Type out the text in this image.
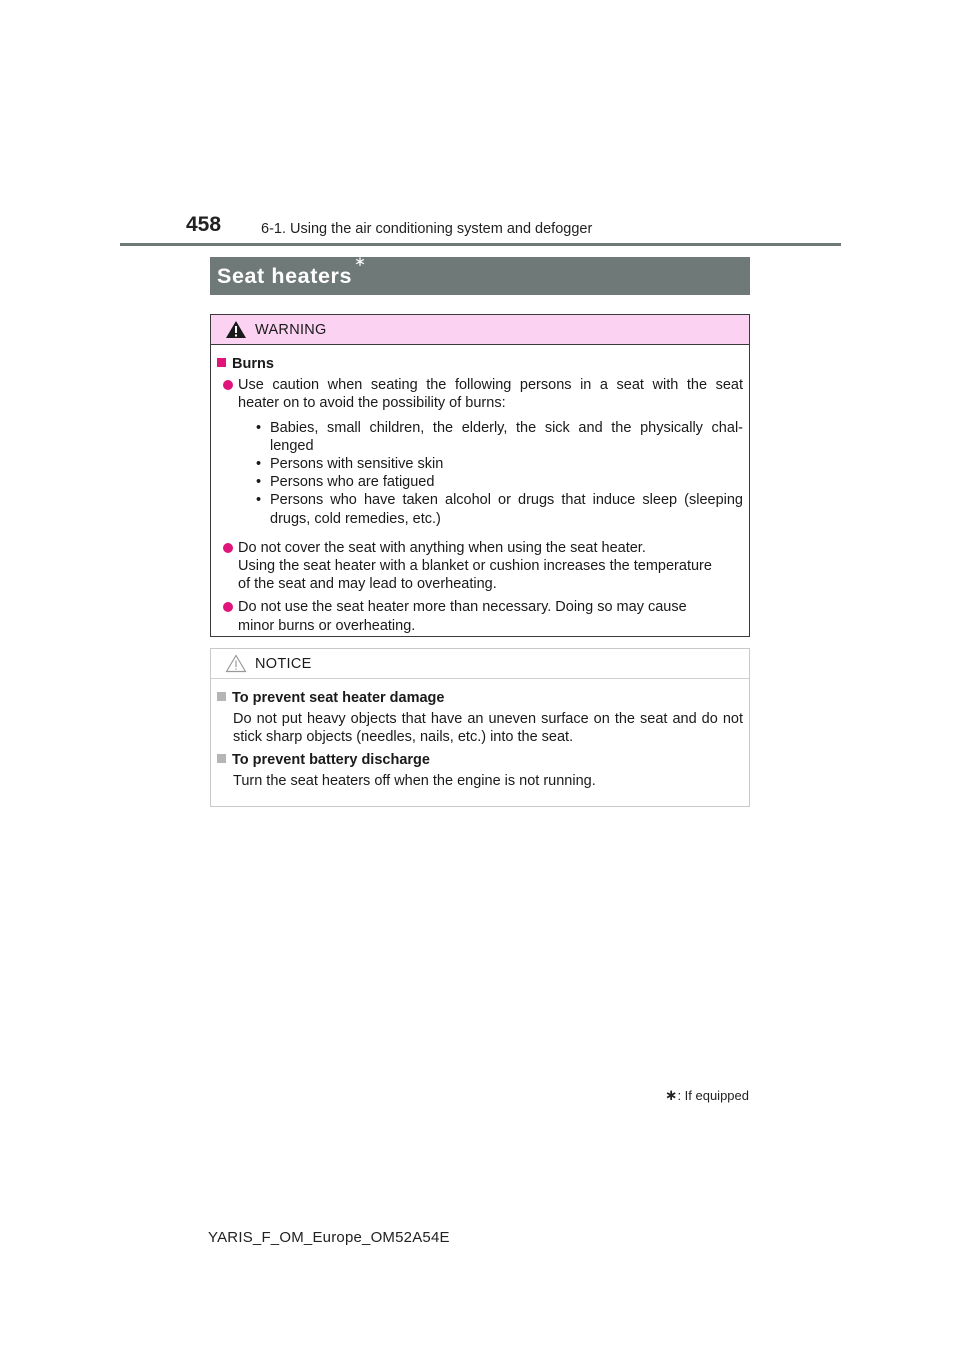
458	6-1. Using the air conditioning system and defogger
Seat heaters∗
WARNING
Burns
Use caution when seating the following persons in a seat with the seat
heater on to avoid the possibility of burns:
• Babies, small children, the elderly, the sick and the physically chal- lenged
• Persons with sensitive skin
• Persons who are fatigued
• Persons who have taken alcohol or drugs that induce sleep (sleeping drugs, cold remedies, etc.)
Do not cover the seat with anything when using the seat heater.
Using the seat heater with a blanket or cushion increases the temperature
of the seat and may lead to overheating.
Do not use the seat heater more than necessary. Doing so may cause
minor burns or overheating.
NOTICE
To prevent seat heater damage
Do not put heavy objects that have an uneven surface on the seat and do not stick sharp objects (needles, nails, etc.) into the seat.
To prevent battery discharge
Turn the seat heaters off when the engine is not running.
∗: If equipped
YARIS_F_OM_Europe_OM52A54E
